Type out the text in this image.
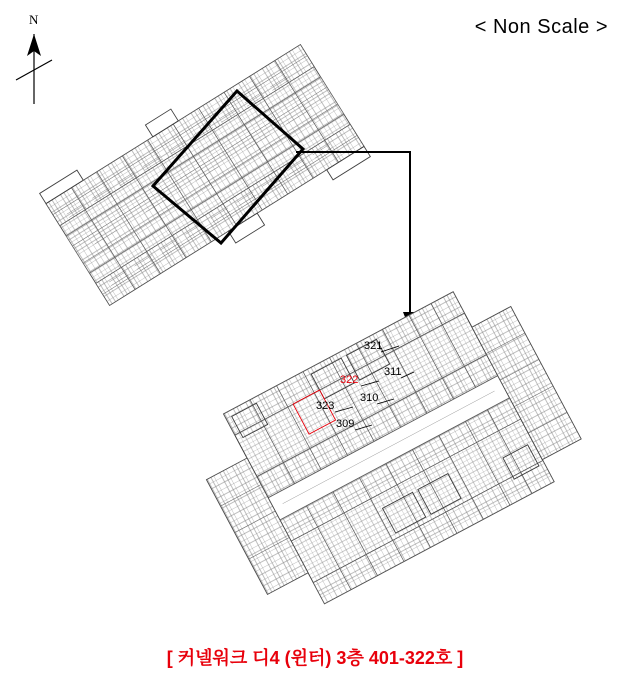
N	< Non Scale >
321
311
322
310
323
309
[ 커넬워크 디4 (윈터) 3층 401-322호 ]
